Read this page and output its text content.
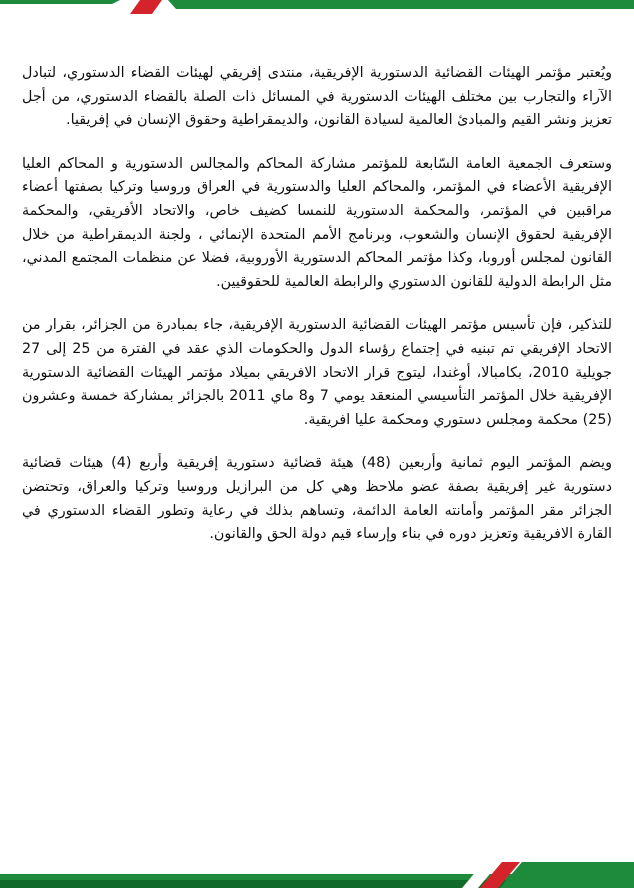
ويُعتبر مؤتمر الهيئات القضائية الدستورية الإفريقية، منتدى إفريقي لهيئات القضاء الدستوري، لتبادل الآراء والتجارب بين مختلف الهيئات الدستورية في المسائل ذات الصلة بالقضاء الدستوري، من أجل تعزيز ونشر القيم والمبادئ العالمية لسيادة القانون، والديمقراطية وحقوق الإنسان في إفريقيا.

وستعرف الجمعية العامة السّابعة للمؤتمر مشاركة المحاكم والمجالس الدستورية و المحاكم العليا الإفريقية الأعضاء في المؤتمر، والمحاكم العليا والدستورية في العراق وروسيا وتركيا بصفتها أعضاء مراقبين في المؤتمر، والمحكمة الدستورية للنمسا كضيف خاص، والاتحاد الأفريقي، والمحكمة الإفريقية لحقوق الإنسان والشعوب، وبرنامج الأمم المتحدة الإنمائي ، ولجنة الديمقراطية من خلال القانون لمجلس أوروبا، وكذا مؤتمر المحاكم الدستورية الأوروبية، فضلا عن منظمات المجتمع المدني، مثل الرابطة الدولية للقانون الدستوري والرابطة العالمية للحقوقيين.

للتذكير، فإن تأسيس مؤتمر الهيئات القضائية الدستورية الإفريقية، جاء بمبادرة من الجزائر، بقرار من الاتحاد الإفريقي تم تبنيه في إجتماع رؤساء الدول والحكومات الذي عقد في الفترة من 25 إلى 27 جويلية 2010، بكامبالا، أوغندا، ليتوج قرار الاتحاد الافريقي بميلاد مؤتمر الهيئات القضائية الدستورية الإفريقية خلال المؤتمر التأسيسي المنعقد يومي 7 و8 ماي 2011 بالجزائر بمشاركة خمسة وعشرون (25) محكمة ومجلس دستوري ومحكمة عليا افريقية.

ويضم المؤتمر اليوم ثمانية وأربعين (48) هيئة قضائية دستورية إفريقية وأربع (4) هيئات قضائية دستورية غير إفريقية بصفة عضو ملاحظ وهي كل من البرازيل وروسيا وتركيا والعراق، وتحتضن الجزائر مقر المؤتمر وأمانته العامة الدائمة، وتساهم بذلك في رعاية وتطور القضاء الدستوري في القارة الافريقية وتعزيز دوره في بناء وإرساء قيم دولة الحق والقانون.
